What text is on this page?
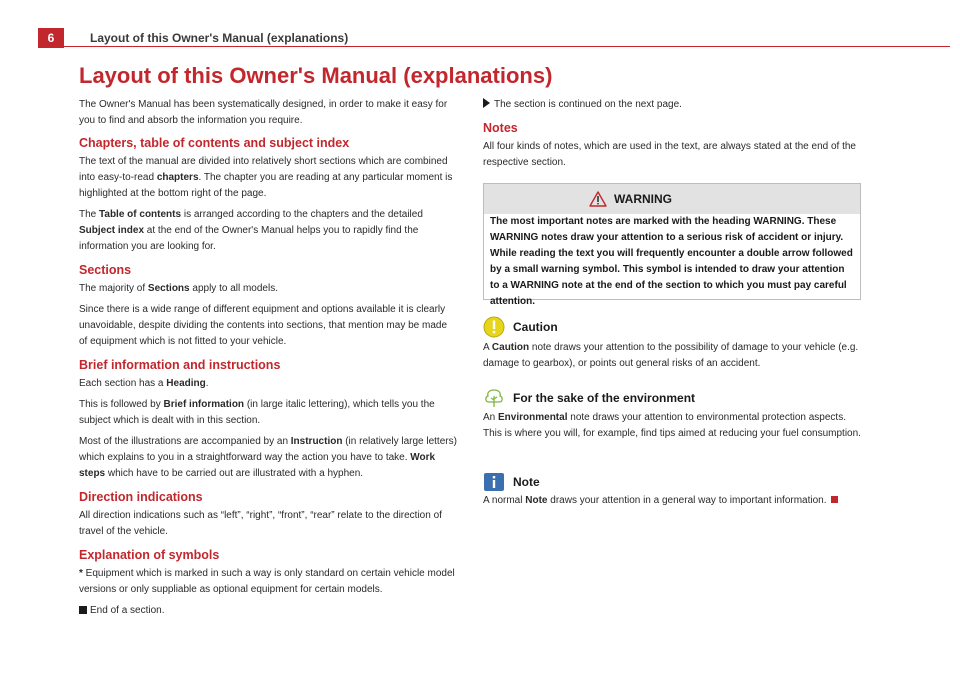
6	Layout of this Owner's Manual (explanations)
Layout of this Owner's Manual (explanations)

The Owner's Manual has been systematically designed, in order to make it easy for you to find and absorb the information you require.

Chapters, table of contents and subject index

The text of the manual are divided into relatively short sections which are combined into easy-to-read chapters. The chapter you are reading at any particular moment is highlighted at the bottom right of the page.

The Table of contents is arranged according to the chapters and the detailed Subject index at the end of the Owner's Manual helps you to rapidly find the information you are looking for.

Sections

The majority of Sections apply to all models.

Since there is a wide range of different equipment and options available it is clearly unavoidable, despite dividing the contents into sections, that mention may be made of equipment which is not fitted to your vehicle.

Brief information and instructions

Each section has a Heading.

This is followed by Brief information (in large italic lettering), which tells you the subject which is dealt with in this section.

Most of the illustrations are accompanied by an Instruction (in relatively large letters) which explains to you in a straightforward way the action you have to take. Work steps which have to be carried out are illustrated with a hyphen.

Direction indications

All direction indications such as “left”, “right”, “front”, “rear” relate to the direction of travel of the vehicle.

Explanation of symbols

* Equipment which is marked in such a way is only standard on certain vehicle model versions or only suppliable as optional equipment for certain models.

End of a section.

The section is continued on the next page.

Notes

All four kinds of notes, which are used in the text, are always stated at the end of the respective section.

WARNING
The most important notes are marked with the heading WARNING. These WARNING notes draw your attention to a serious risk of accident or injury. While reading the text you will frequently encounter a double arrow followed by a small warning symbol. This symbol is intended to draw your attention to a WARNING note at the end of the section to which you must pay careful attention.
Caution

A Caution note draws your attention to the possibility of damage to your vehicle (e.g. damage to gearbox), or points out general risks of an accident.

For the sake of the environment

An Environmental note draws your attention to environmental protection aspects. This is where you will, for example, find tips aimed at reducing your fuel consumption.

Note

A normal Note draws your attention in a general way to important information.
